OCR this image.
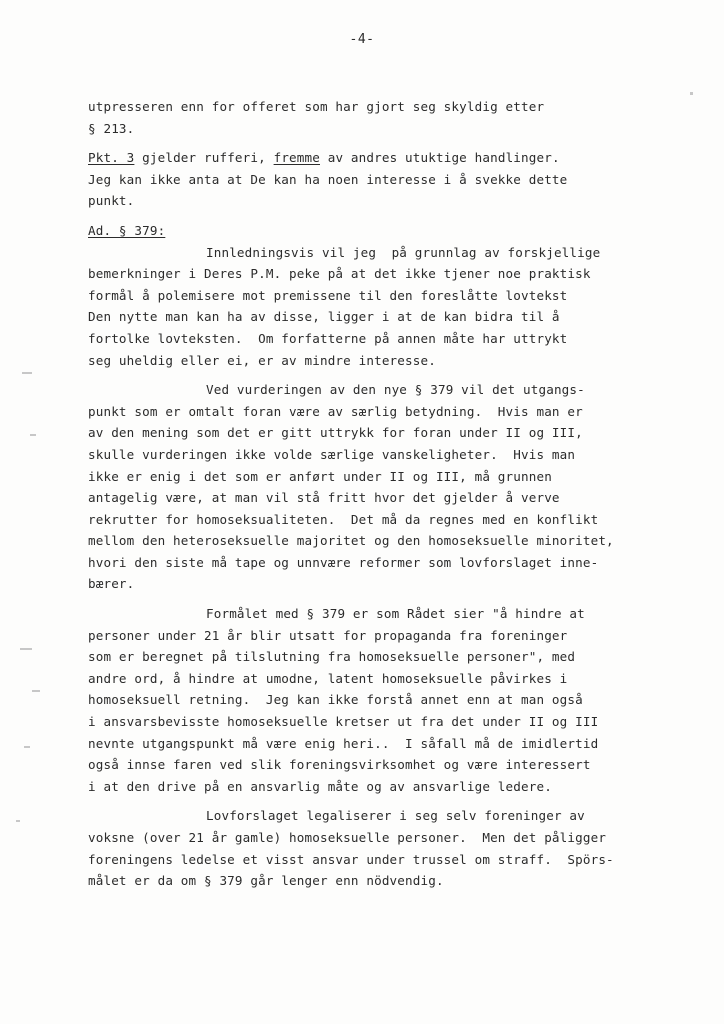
-4-
utpresseren enn for offeret som har gjort seg skyldig etter
§ 213.
Pkt. 3 gjelder rufferi, fremme av andres utuktige handlinger.
Jeg kan ikke anta at De kan ha noen interesse i å svekke dette
punkt.
Ad. § 379:
Innledningsvis vil jeg  på grunnlag av forskjellige
bemerkninger i Deres P.M. peke på at det ikke tjener noe praktisk
formål å polemisere mot premissene til den foreslåtte lovtekst
Den nytte man kan ha av disse, ligger i at de kan bidra til å
fortolke lovteksten.  Om forfatterne på annen måte har uttrykt
seg uheldig eller ei, er av mindre interesse.
Ved vurderingen av den nye § 379 vil det utgangs-
punkt som er omtalt foran være av særlig betydning.  Hvis man er
av den mening som det er gitt uttrykk for foran under II og III,
skulle vurderingen ikke volde særlige vanskeligheter.  Hvis man
ikke er enig i det som er anført under II og III, må grunnen
antagelig være, at man vil stå fritt hvor det gjelder å verve
rekrutter for homoseksualiteten.  Det må da regnes med en konflikt
mellom den heteroseksuelle majoritet og den homoseksuelle minoritet,
hvori den siste må tape og unnvære reformer som lovforslaget inne-
bærer.
Formålet med § 379 er som Rådet sier "å hindre at
personer under 21 år blir utsatt for propaganda fra foreninger
som er beregnet på tilslutning fra homoseksuelle personer", med
andre ord, å hindre at umodne, latent homoseksuelle påvirkes i
homoseksuell retning.  Jeg kan ikke forstå annet enn at man også
i ansvarsbevisste homoseksuelle kretser ut fra det under II og III
nevnte utgangspunkt må være enig heri..  I såfall må de imidlertid
også innse faren ved slik foreningsvirksomhet og være interessert
i at den drive på en ansvarlig måte og av ansvarlige ledere.
Lovforslaget legaliserer i seg selv foreninger av
voksne (over 21 år gamle) homoseksuelle personer.  Men det påligger
foreningens ledelse et visst ansvar under trussel om straff.  Spörs-
målet er da om § 379 går lenger enn nödvendig.
